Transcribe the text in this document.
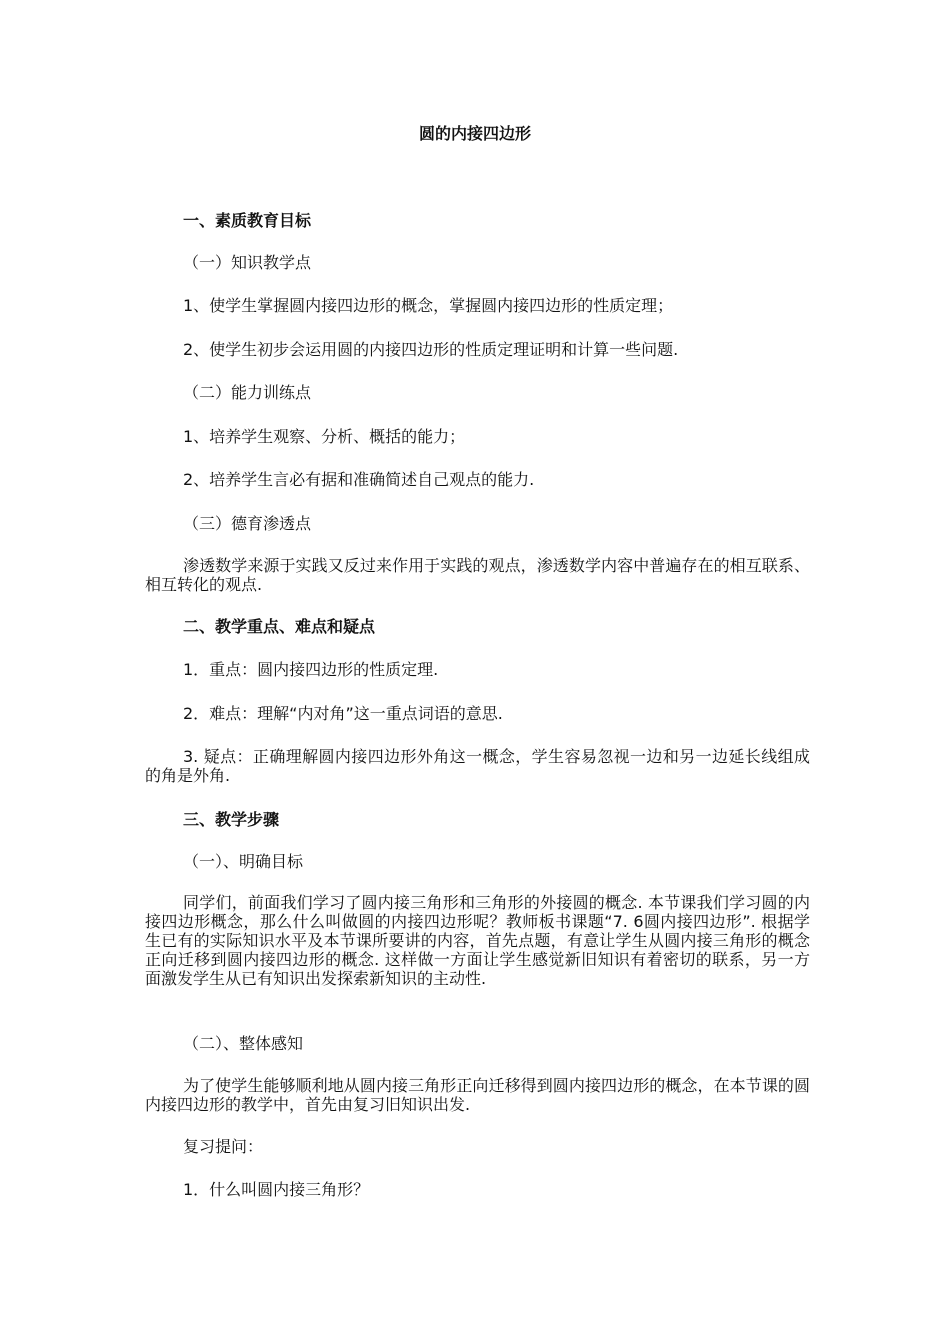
圆的内接四边形
一、素质教育目标
（一）知识教学点
1、使学生掌握圆内接四边形的概念，掌握圆内接四边形的性质定理；
2、使学生初步会运用圆的内接四边形的性质定理证明和计算一些问题.
（二）能力训练点
1、培养学生观察、分析、概括的能力；
2、培养学生言必有据和准确简述自己观点的能力.
（三）德育渗透点
渗透数学来源于实践又反过来作用于实践的观点，渗透数学内容中普遍存在的相互联系、相互转化的观点.
二、教学重点、难点和疑点
1．重点：圆内接四边形的性质定理.
2．难点：理解“内对角”这一重点词语的意思.
3. 疑点：正确理解圆内接四边形外角这一概念，学生容易忽视一边和另一边延长线组成的角是外角.
三、教学步骤
（一）、明确目标
同学们，前面我们学习了圆内接三角形和三角形的外接圆的概念. 本节课我们学习圆的内接四边形概念，那么什么叫做圆的内接四边形呢？教师板书课题“7. 6圆内接四边形”. 根据学生已有的实际知识水平及本节课所要讲的内容，首先点题，有意让学生从圆内接三角形的概念正向迁移到圆内接四边形的概念. 这样做一方面让学生感觉新旧知识有着密切的联系，另一方面激发学生从已有知识出发探索新知识的主动性.
（二）、整体感知
为了使学生能够顺利地从圆内接三角形正向迁移得到圆内接四边形的概念，在本节课的圆内接四边形的教学中，首先由复习旧知识出发.
复习提问：
1．什么叫圆内接三角形？
